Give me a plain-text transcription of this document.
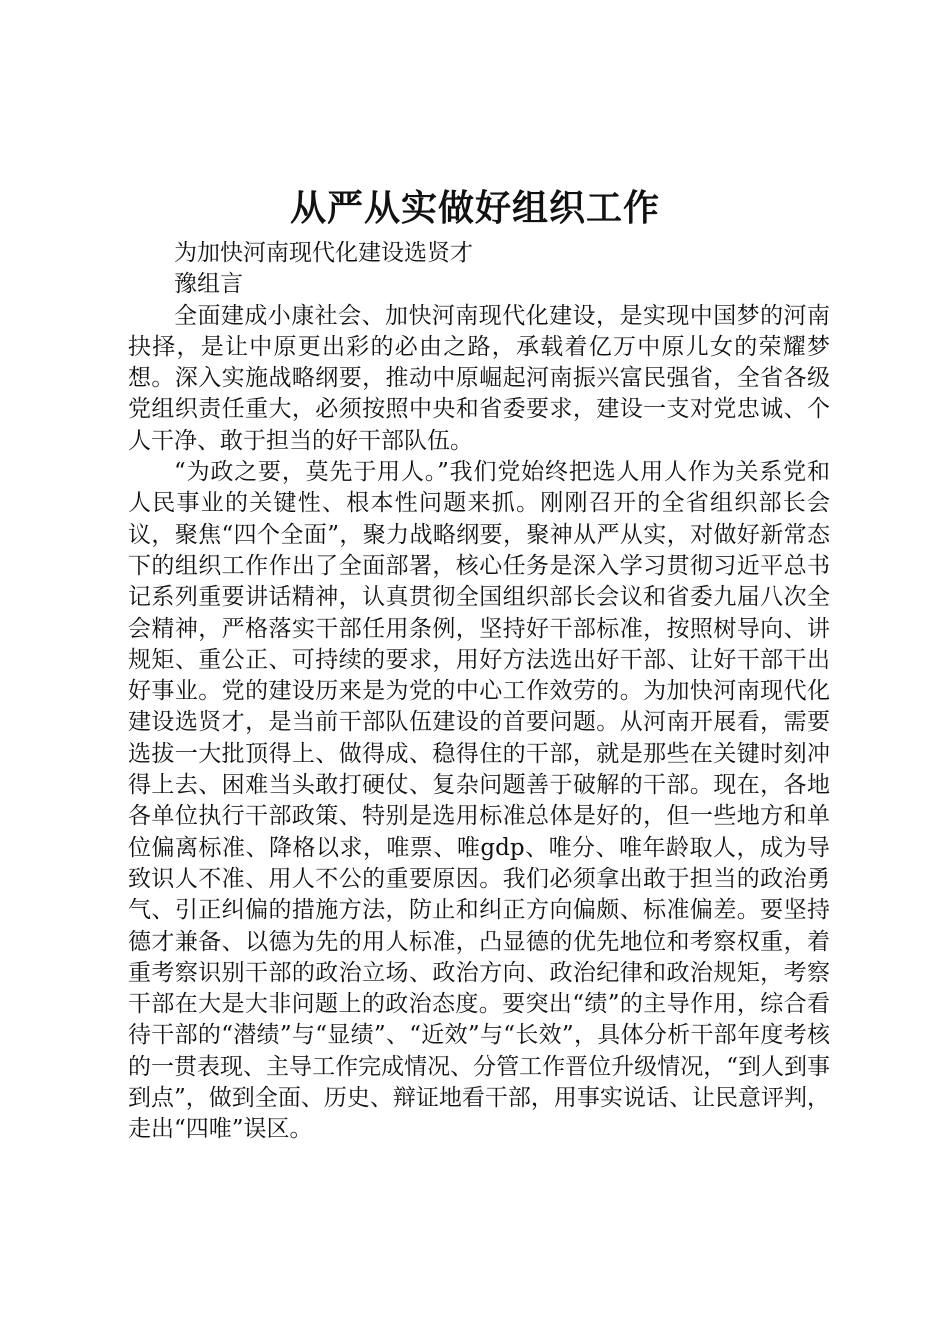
从严从实做好组织工作

为加快河南现代化建设选贤才

豫组言

全面建成小康社会、加快河南现代化建设，是实现中国梦的河南抉择，是让中原更出彩的必由之路，承载着亿万中原儿女的荣耀梦想。深入实施战略纲要，推动中原崛起河南振兴富民强省，全省各级党组织责任重大，必须按照中央和省委要求，建设一支对党忠诚、个人干净、敢于担当的好干部队伍。

“为政之要，莫先于用人。”我们党始终把选人用人作为关系党和人民事业的关键性、根本性问题来抓。刚刚召开的全省组织部长会议，聚焦“四个全面”，聚力战略纲要，聚神从严从实，对做好新常态下的组织工作作出了全面部署，核心任务是深入学习贯彻习近平总书记系列重要讲话精神，认真贯彻全国组织部长会议和省委九届八次全会精神，严格落实干部任用条例，坚持好干部标准，按照树导向、讲规矩、重公正、可持续的要求，用好方法选出好干部、让好干部干出好事业。党的建设历来是为党的中心工作效劳的。为加快河南现代化建设选贤才，是当前干部队伍建设的首要问题。从河南开展看，需要选拔一大批顶得上、做得成、稳得住的干部，就是那些在关键时刻冲得上去、困难当头敢打硬仗、复杂问题善于破解的干部。现在，各地各单位执行干部政策、特别是选用标准总体是好的，但一些地方和单位偏离标准、降格以求，唯票、唯gdp、唯分、唯年龄取人，成为导致识人不准、用人不公的重要原因。我们必须拿出敢于担当的政治勇气、引正纠偏的措施方法，防止和纠正方向偏颇、标准偏差。要坚持德才兼备、以德为先的用人标准，凸显德的优先地位和考察权重，着重考察识别干部的政治立场、政治方向、政治纪律和政治规矩，考察干部在大是大非问题上的政治态度。要突出“绩”的主导作用，综合看待干部的“潜绩”与“显绩”、“近效”与“长效”，具体分析干部年度考核的一贯表现、主导工作完成情况、分管工作晋位升级情况，“到人到事到点”，做到全面、历史、辩证地看干部，用事实说话、让民意评判，走出“四唯”误区。
